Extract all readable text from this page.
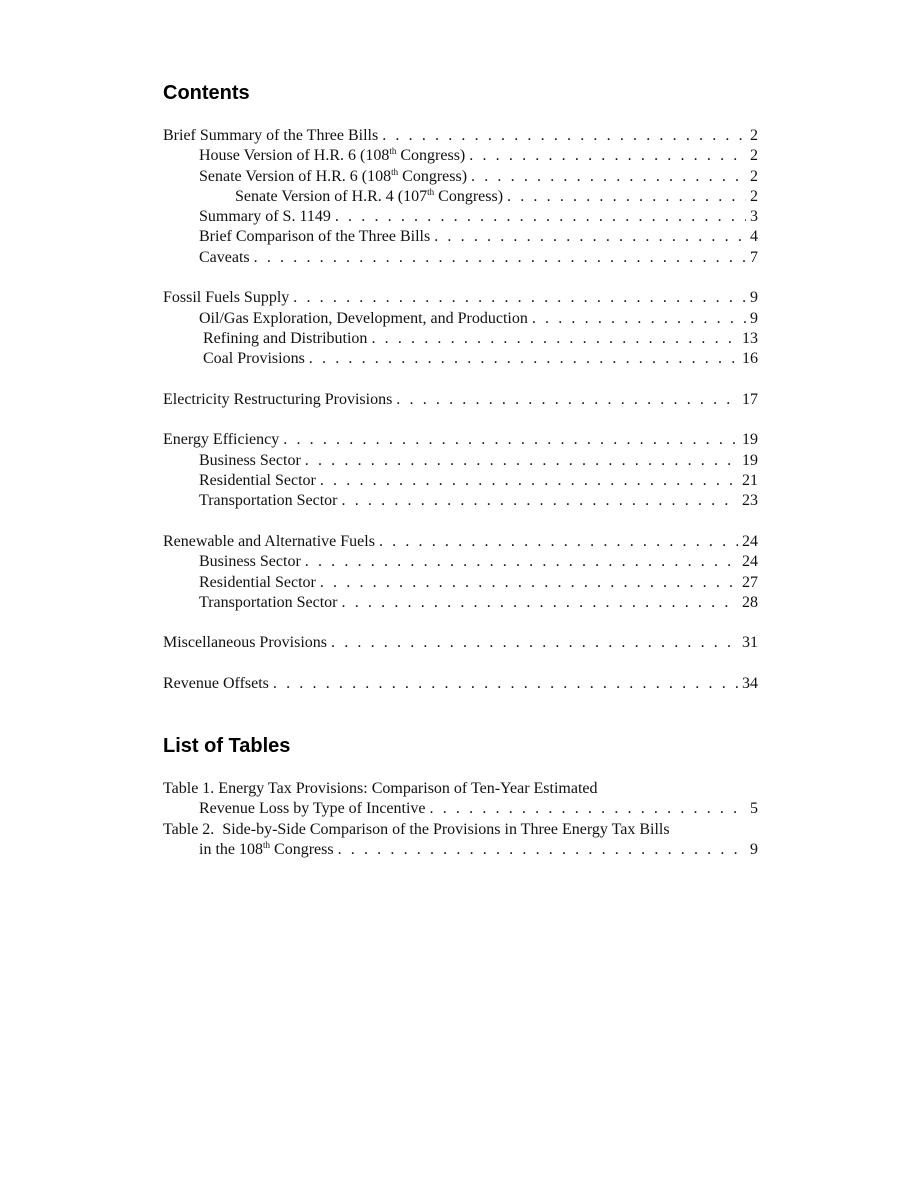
Contents
Brief Summary of the Three Bills . . .	2
House Version of H.R. 6 (108th Congress) . . .	2
Senate Version of H.R. 6 (108th Congress) . . .	2
Senate Version of H.R. 4 (107th Congress) . . .	2
Summary of S. 1149 . . .	3
Brief Comparison of the Three Bills . . .	4
Caveats . . .	7
Fossil Fuels Supply . . .	9
Oil/Gas Exploration, Development, and Production . . .	9
Refining and Distribution . . .	13
Coal Provisions . . .	16
Electricity Restructuring Provisions . . .	17
Energy Efficiency . . .	19
Business Sector . . .	19
Residential Sector . . .	21
Transportation Sector . . .	23
Renewable and Alternative Fuels . . .	24
Business Sector . . .	24
Residential Sector . . .	27
Transportation Sector . . .	28
Miscellaneous Provisions . . .	31
Revenue Offsets . . .	34
List of Tables
Table 1. Energy Tax Provisions: Comparison of Ten-Year Estimated
Revenue Loss by Type of Incentive . . .	5
Table 2.  Side-by-Side Comparison of the Provisions in Three Energy Tax Bills
in the 108th Congress . . .	9
